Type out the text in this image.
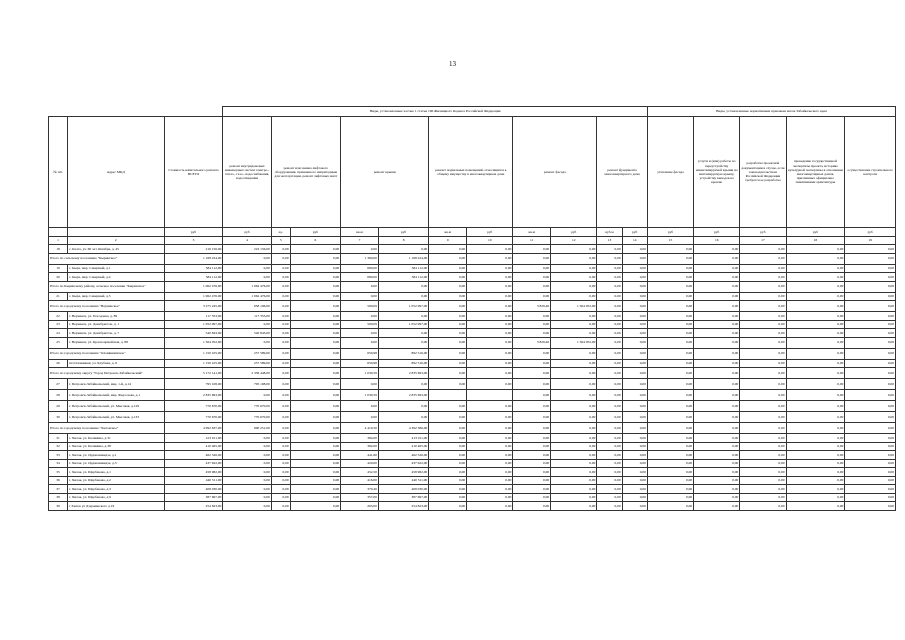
13
			Виды, установленные частью 1 статьи 166 Жилищного Кодекса Российской Федерации											Виды, установленные нормативным правовым актом Забайкальского края				
№ п/п	Адрес МКД	Стоимость капитального ремонта ВСЕГО	ремонт внутридомовых инженерных систем электро-, тепло-, газо-, водоснабжения, водоотведения	ремонт или замена лифтового оборудования, признанного непригодным для эксплуатации, ремонт лифтовых шахт		ремонт крыши		ремонт подвальных помещений, относящихся к общему имуществу в многоквартирном доме		ремонт фасада		ремонт фундамента многоквартирного дома		утепление фасада	услуги и (или) работы по переустройству невентилируемой крыши на вентилируемую крышу, устройству выходов на кровлю	разработка проектной документации в случае, если законодательством Российской Федерации требуется ее разработка	проведение государственной экспертизы проекта, историко культурной экспертизы в отношении многоквартирных домов, признанных официально памятниками архитектуры	осуществление строительного контроля
		руб	руб	ед.	руб	кв.м	руб	кв.м	руб	кв.м	руб	куб.м	руб	руб	руб	руб	руб	руб
1	2	3	4	5	6	7	8	9	10	11	12	13	14	15	16	17	18	19
18	с. Калга, ул. 60 лет Октября, д. 45	216 156,00	216 156,00	0,00	0,00	0,00	0,00	0,00	0,00	0,00	0,00	0,00	0,00	0,00	0,00	0,00	0,00	0,00
Итого по сельскому поселению "Кыринское"		1 168 224,00	0,00	0,00	0,00	1 360,00	1 168 224,00	0,00	0,00	0,00	0,00	0,00	0,00	0,00	0,00	0,00	0,00	0,00
19	с. Кыра, мкр. Северный, д.1	584 112,00	0,00	0,00	0,00	680,00	584 112,00	0,00	0,00	0,00	0,00	0,00	0,00	0,00	0,00	0,00	0,00	0,00
20	с. Кыра, мкр. Северный, д.4	584 112,00	0,00	0,00	0,00	680,00	584 112,00	0,00	0,00	0,00	0,00	0,00	0,00	0,00	0,00	0,00	0,00	0,00
Итого по Кыринскому району, сельское поселение "Кыринское"		1 062 476,00	1 062 476,00	0,00	0,00	0,00	0,00	0,00	0,00	0,00	0,00	0,00	0,00	0,00	0,00	0,00	0,00	0,00
21	с. Кыра, мкр. Северный, д.5	1 062 476,00	1 062 476,00	0,00	0,00	0,00	0,00	0,00	0,00	0,00	0,00	0,00	0,00	0,00	0,00	0,00	0,00	0,00
Итого по городскому поселению "Нерчинское"		3 275 245,00	658 196,00	0,00	0,00	500,09	1 052 997,00	0,00	0,00	3 829,40	1 564 052,00	0,00	0,00	0,00	0,00	0,00	0,00	0,00
22	г. Нерчинск, ул. Погодаева, д. 89	117 353,00	117 353,00	0,00	0,00	0,00	0,00	0,00	0,00	0,00	0,00	0,00	0,00	0,00	0,00	0,00	0,00	0,00
23	г. Нерчинск, ул. Декабристов, д. 1	1 052 997,00	0,00	0,00	0,00	500,09	1 052 997,00	0,00	0,00	0,00	0,00	0,00	0,00	0,00	0,00	0,00	0,00	0,00
24	г. Нерчинск, ул. Декабристов, д. 7	540 843,00	540 843,00	0,00	0,00	0,00	0,00	0,00	0,00	0,00	0,00	0,00	0,00	0,00	0,00	0,00	0,00	0,00
25	г. Нерчинск, ул. Красноармейская, д. 88	1 564 052,00	0,00	0,00	0,00	0,00	0,00	0,00	0,00	3 829,40	1 564 052,00	0,00	0,00	0,00	0,00	0,00	0,00	0,00
Итого по городскому поселению "Оловяннинское"		1 150 105,00	257 589,00	0,00	0,00	659,98	892 516,00	0,00	0,00	0,00	0,00	0,00	0,00	0,00	0,00	0,00	0,00	0,00
26	пгт.Оловянная, ул. Клубная, д. 6	1 150 105,00	257 589,00	0,00	0,00	659,98	892 516,00	0,00	0,00	0,00	0,00	0,00	0,00	0,00	0,00	0,00	0,00	0,00
Итого по городскому округу "Город Петровск-Забайкальский"		5 172 141,00	2 336 448,00	0,00	0,00	1 030,59	2 835 693,00	0,00	0,00	0,00	0,00	0,00	0,00	0,00	0,00	0,00	0,00	0,00
27	г. Петровск-Забайкальский, мкр. 1-й, д.14	795 108,00	795 108,00	0,00	0,00	0,00	0,00	0,00	0,00	0,00	0,00	0,00	0,00	0,00	0,00	0,00	0,00	0,00
28	г. Петровск-Забайкальский, мкр. Федосеева, д.1	2 835 693,00	0,00	0,00	0,00	1 030,59	2 835 693,00			0,00	0,00	0,00	0,00	0,00	0,00	0,00	0,00	0,00
29	г. Петровск-Забайкальский, ул. Мысовая, д.129	770 670,00	770 670,00	0,00	0,00	0,00	0,00	0,00	0,00	0,00	0,00	0,00	0,00	0,00	0,00	0,00	0,00	0,00
30	г. Петровск-Забайкальский, ул. Мысовая, д.133	770 670,00	770 670,00	0,00	0,00	0,00	0,00	0,00	0,00	0,00	0,00	0,00	0,00	0,00	0,00	0,00	0,00	0,00
Итого по городскому поселению "Хилокское"		4 992 637,00	600 251,00	0,00	0,00	4 419,50	4 392 386,00	0,00	0,00	0,00	0,00	0,00	0,00	0,00	0,00	0,00	0,00	0,00
31	г. Хилок, ул. Калинина, д.31	413 011,00	0,00	0,00	0,00	384,00	413 011,00	0,00	0,00	0,00	0,00	0,00	0,00	0,00	0,00	0,00	0,00	0,00
32	г. Хилок, ул. Калинина, д.38	410 465,00	0,00	0,00	0,00	382,00	410 465,00	0,00	0,00	0,00	0,00	0,00	0,00	0,00	0,00	0,00	0,00	0,00
33	г. Хилок, ул. Орджоникидзе, д.1	462 526,00	0,00	0,00	0,00	441,60	462 526,00	0,00	0,00	0,00	0,00	0,00	0,00	0,00	0,00	0,00	0,00	0,00
34	г. Хилок, ул. Орджоникидзе, д.3	437 922,00	0,00	0,00	0,00	429,00	437 922,00	0,00	0,00	0,00	0,00	0,00	0,00	0,00	0,00	0,00	0,00	0,00
35	г. Хилок, ул. Щербакова, д.1	458 982,00	0,00	0,00	0,00	452,50	458 982,00	0,00	0,00	0,00	0,00	0,00	0,00	0,00	0,00	0,00	0,00	0,00
36	г. Хилок, ул. Щербакова, д.2	440 511,00	0,00	0,00	0,00	416,00	440 511,00	0,00	0,00	0,00	0,00	0,00	0,00	0,00	0,00	0,00	0,00	0,00
37	г. Хилок, ул. Щербакова, д.3	408 030,00	0,00	0,00	0,00	379,40	408 030,00	0,00	0,00	0,00	0,00	0,00	0,00	0,00	0,00	0,00	0,00	0,00
38	г. Хилок, ул. Щербакова, д.9	387 697,00	0,00	0,00	0,00	357,00	387 697,00	0,00	0,00	0,00	0,00	0,00	0,00	0,00	0,00	0,00	0,00	0,00
39	г Хилок ул Дзержинского д.19	254 823,00	0,00	0,00	0,00	263,00	254 823,00	0,00	0,00	0,00	0,00	0,00	0,00	0,00	0,00	0,00	0,00	0,00
